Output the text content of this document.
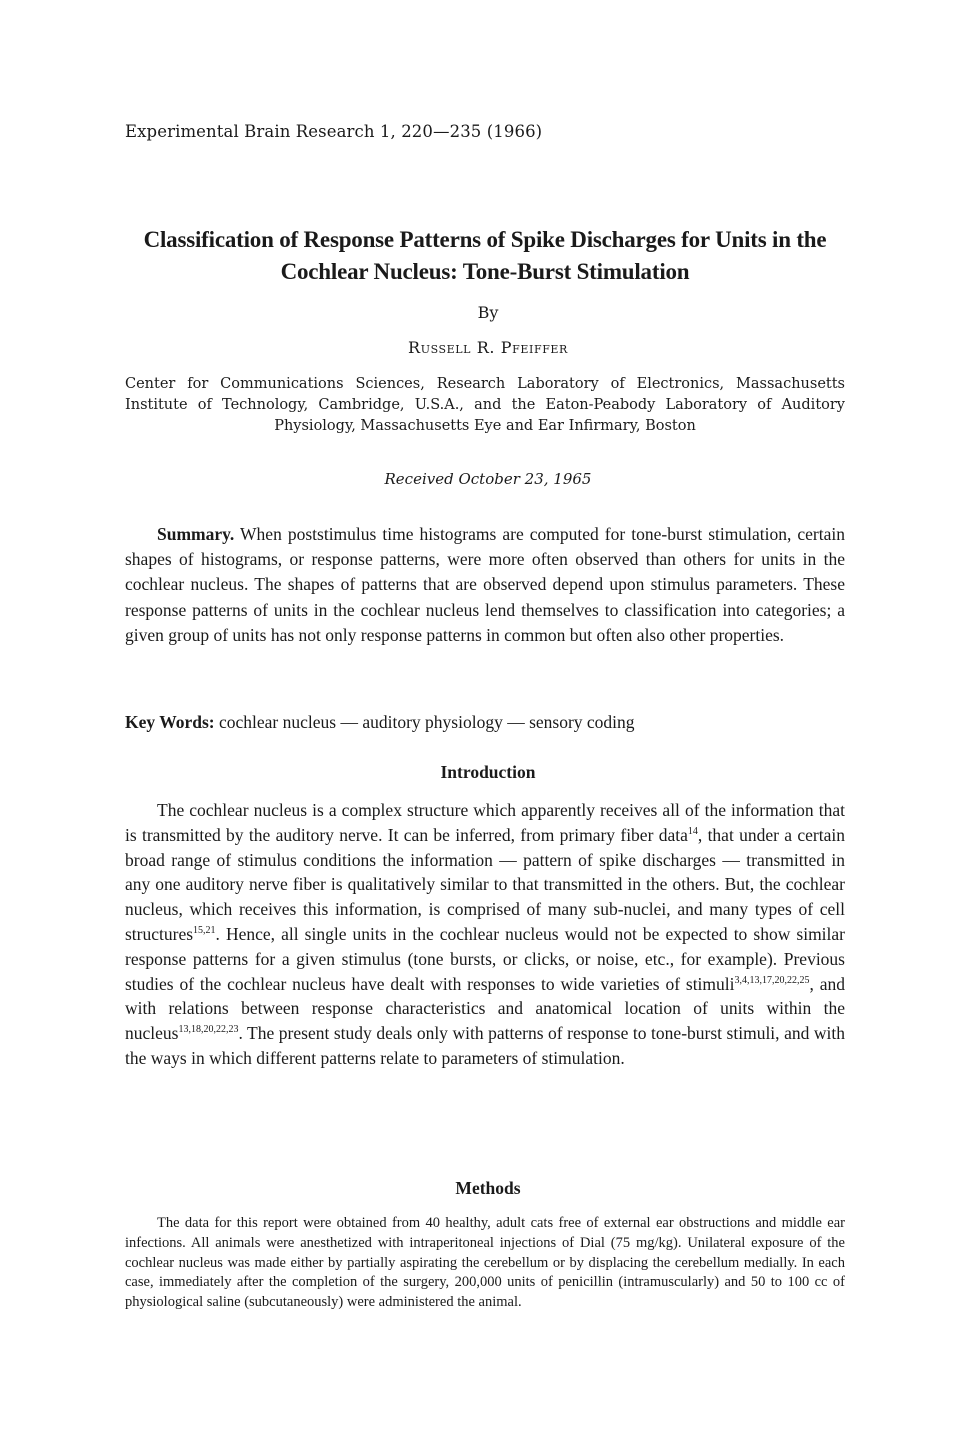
Experimental Brain Research 1, 220—235 (1966)
Classification of Response Patterns of Spike Discharges for Units in the Cochlear Nucleus: Tone-Burst Stimulation
By
Russell R. Pfeiffer
Center for Communications Sciences, Research Laboratory of Electronics, Massachusetts Institute of Technology, Cambridge, U.S.A., and the Eaton-Peabody Laboratory of Auditory Physiology, Massachusetts Eye and Ear Infirmary, Boston
Received October 23, 1965
Summary. When poststimulus time histograms are computed for tone-burst stimulation, certain shapes of histograms, or response patterns, were more often observed than others for units in the cochlear nucleus. The shapes of patterns that are observed depend upon stimulus parameters. These response patterns of units in the cochlear nucleus lend themselves to classification into categories; a given group of units has not only response patterns in common but often also other properties.
Key Words: cochlear nucleus — auditory physiology — sensory coding
Introduction
The cochlear nucleus is a complex structure which apparently receives all of the information that is transmitted by the auditory nerve. It can be inferred, from primary fiber data$^{14}$, that under a certain broad range of stimulus conditions the information — pattern of spike discharges — transmitted in any one auditory nerve fiber is qualitatively similar to that transmitted in the others. But, the cochlear nucleus, which receives this information, is comprised of many sub-nuclei, and many types of cell structures$^{15,21}$. Hence, all single units in the cochlear nucleus would not be expected to show similar response patterns for a given stimulus (tone bursts, or clicks, or noise, etc., for example). Previous studies of the cochlear nucleus have dealt with responses to wide varieties of stimuli$^{3,4,13,17,20,22,25}$, and with relations between response characteristics and anatomical location of units within the nucleus$^{13,18,20,22,23}$. The present study deals only with patterns of response to tone-burst stimuli, and with the ways in which different patterns relate to parameters of stimulation.
Methods
The data for this report were obtained from 40 healthy, adult cats free of external ear obstructions and middle ear infections. All animals were anesthetized with intraperitoneal injections of Dial (75 mg/kg). Unilateral exposure of the cochlear nucleus was made either by partially aspirating the cerebellum or by displacing the cerebellum medially. In each case, immediately after the completion of the surgery, 200,000 units of penicillin (intramuscularly) and 50 to 100 cc of physiological saline (subcutaneously) were administered the animal.
